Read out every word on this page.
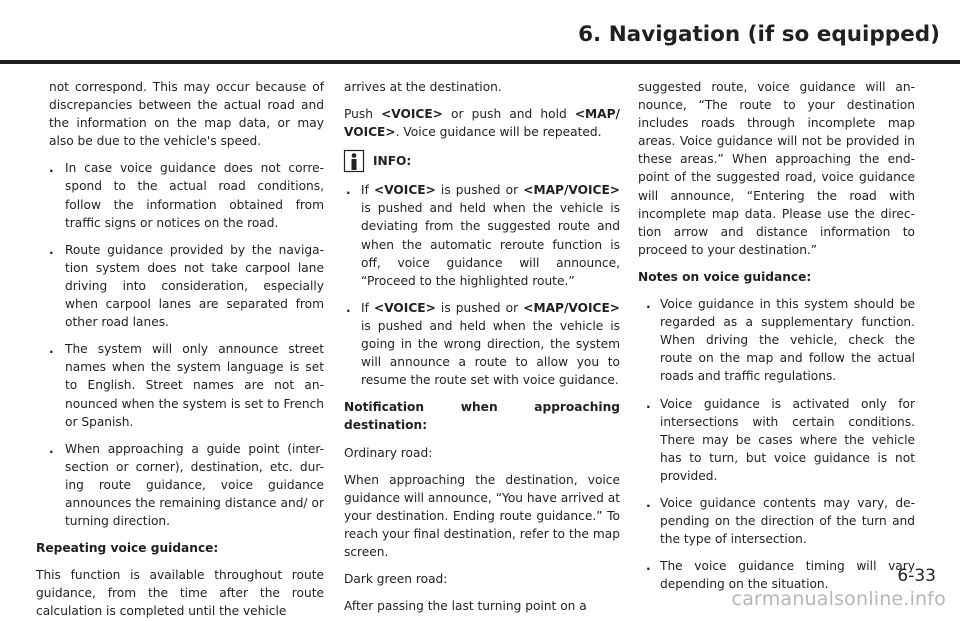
6. Navigation (if so equipped)

not correspond. This may occur because of discrepancies between the actual road and the information on the map data, or may also be due to the vehicle's speed.

. In case voice guidance does not corre-spond to the actual road conditions, follow the information obtained from traffic signs or notices on the road.
. Route guidance provided by the naviga-tion system does not take carpool lane driving into consideration, especially when carpool lanes are separated from other road lanes.
. The system will only announce street names when the system language is set to English. Street names are not an-nounced when the system is set to French or Spanish.
. When approaching a guide point (inter-section or corner), destination, etc. dur-ing route guidance, voice guidance announces the remaining distance and/ or turning direction.

Repeating voice guidance:

This function is available throughout route guidance, from the time after the route calculation is completed until the vehicle

arrives at the destination.

Push <VOICE> or push and hold <MAP/ VOICE>. Voice guidance will be repeated.

INFO:
. If <VOICE> is pushed or <MAP/VOICE> is pushed and held when the vehicle is deviating from the suggested route and when the automatic reroute function is off, voice guidance will announce, “Proceed to the highlighted route.”
. If <VOICE> is pushed or <MAP/VOICE> is pushed and held when the vehicle is going in the wrong direction, the system will announce a route to allow you to resume the route set with voice guidance.

Notification when approaching destination:

Ordinary road:

When approaching the destination, voice guidance will announce, “You have arrived at your destination. Ending route guidance.” To reach your final destination, refer to the map screen.

Dark green road:

After passing the last turning point on a

suggested route, voice guidance will an-nounce, “The route to your destination includes roads through incomplete map areas. Voice guidance will not be provided in these areas.” When approaching the end-point of the suggested road, voice guidance will announce, “Entering the road with incomplete map data. Please use the direc-tion arrow and distance information to proceed to your destination.”

Notes on voice guidance:

. Voice guidance in this system should be regarded as a supplementary function. When driving the vehicle, check the route on the map and follow the actual roads and traffic regulations.
. Voice guidance is activated only for intersections with certain conditions. There may be cases where the vehicle has to turn, but voice guidance is not provided.
. Voice guidance contents may vary, de-pending on the direction of the turn and the type of intersection.
. The voice guidance timing will vary depending on the situation.	6-33
carmanualsonline.info
